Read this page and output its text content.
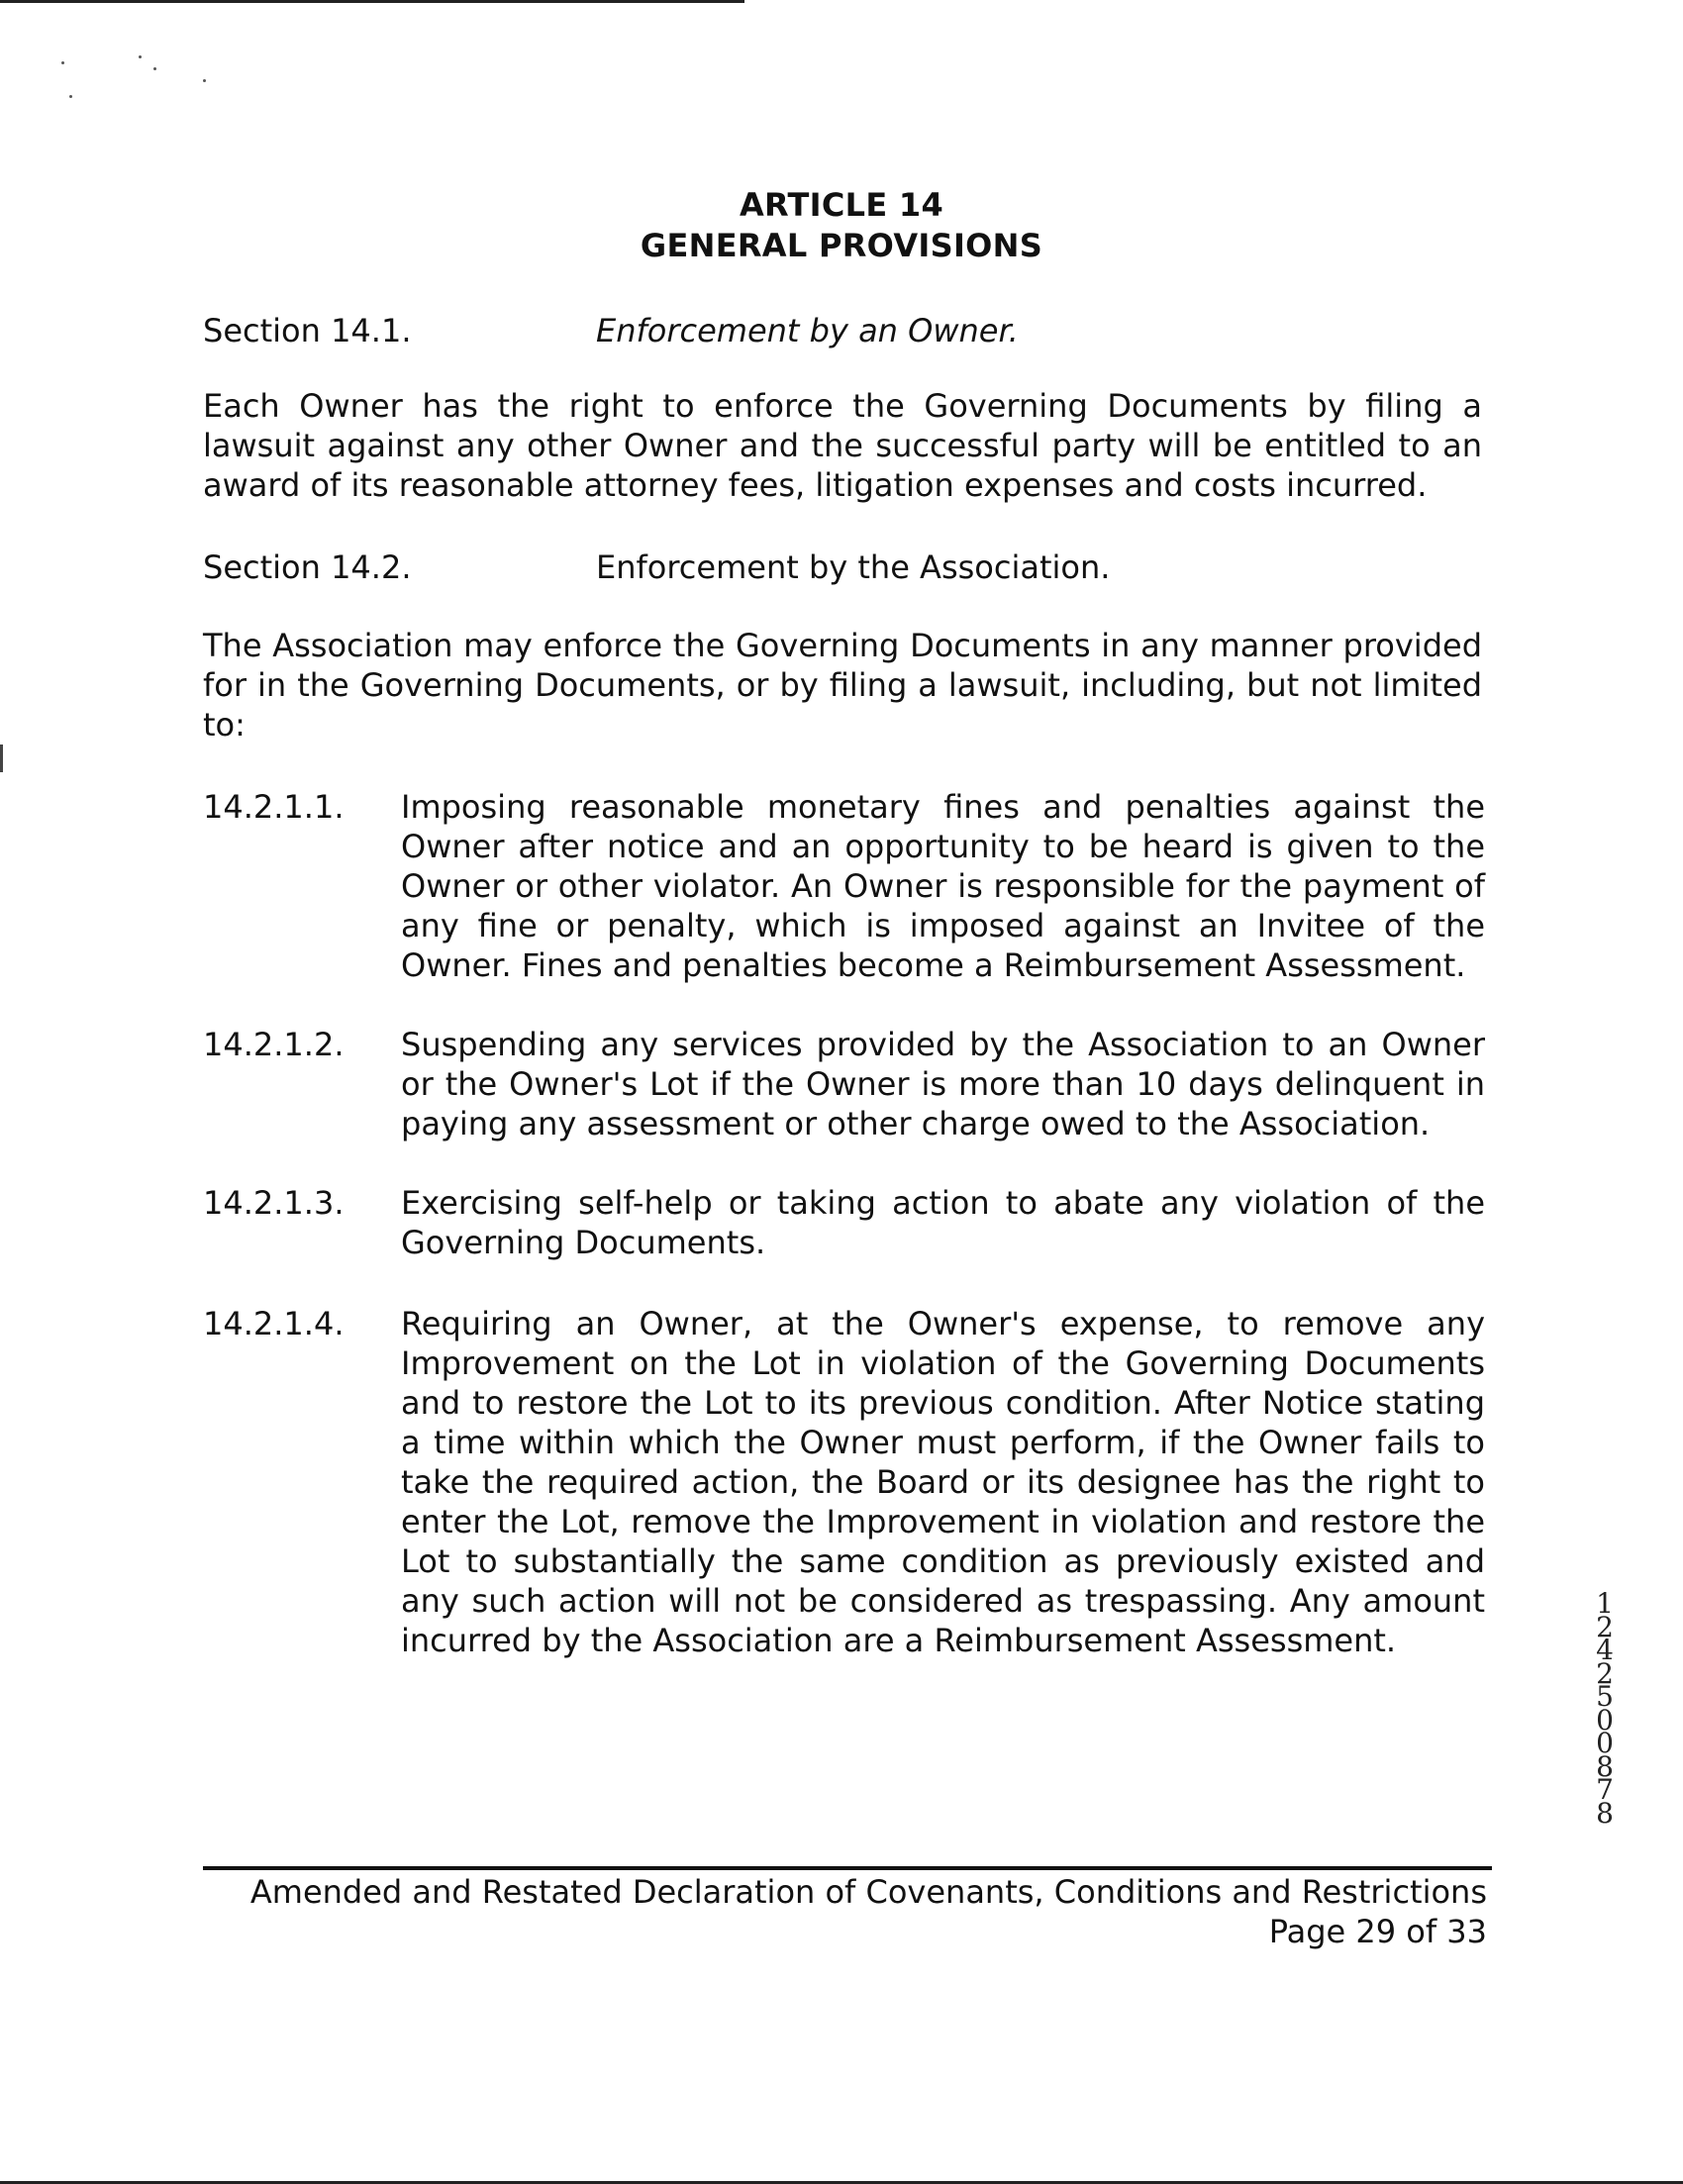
ARTICLE 14
GENERAL PROVISIONS
Section 14.1.	Enforcement by an Owner.
Each Owner has the right to enforce the Governing Documents by filing a lawsuit against any other Owner and the successful party will be entitled to an award of its reasonable attorney fees, litigation expenses and costs incurred.
Section 14.2.	Enforcement by the Association.
The Association may enforce the Governing Documents in any manner provided for in the Governing Documents, or by filing a lawsuit, including, but not limited to:
14.2.1.1. Imposing reasonable monetary fines and penalties against the Owner after notice and an opportunity to be heard is given to the Owner or other violator. An Owner is responsible for the payment of any fine or penalty, which is imposed against an Invitee of the Owner. Fines and penalties become a Reimbursement Assessment.
14.2.1.2. Suspending any services provided by the Association to an Owner or the Owner's Lot if the Owner is more than 10 days delinquent in paying any assessment or other charge owed to the Association.
14.2.1.3. Exercising self-help or taking action to abate any violation of the Governing Documents.
14.2.1.4. Requiring an Owner, at the Owner's expense, to remove any Improvement on the Lot in violation of the Governing Documents and to restore the Lot to its previous condition. After Notice stating a time within which the Owner must perform, if the Owner fails to take the required action, the Board or its designee has the right to enter the Lot, remove the Improvement in violation and restore the Lot to substantially the same condition as previously existed and any such action will not be considered as trespassing. Any amount incurred by the Association are a Reimbursement Assessment.
Amended and Restated Declaration of Covenants, Conditions and Restrictions
Page 29 of 33
12425 00878
